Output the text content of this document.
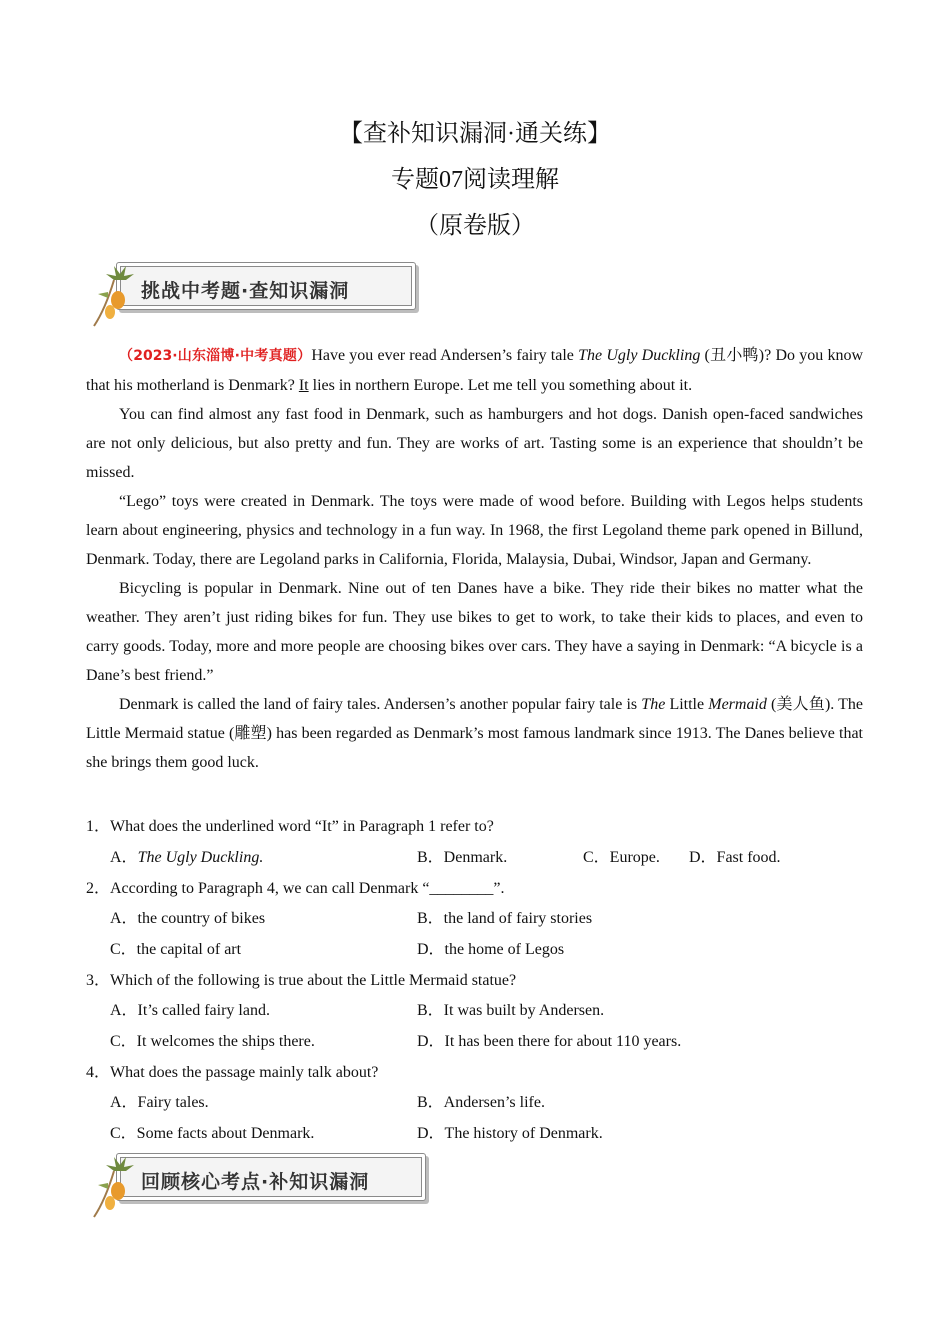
【查补知识漏洞·通关练】
专题07阅读理解
（原卷版）
挑战中考题·查知识漏洞

（2023·山东淄博·中考真题）Have you ever read Andersen’s fairy tale The Ugly Duckling (丑小鸭)? Do you know that his motherland is Denmark? It lies in northern Europe. Let me tell you something about it.

You can find almost any fast food in Denmark, such as hamburgers and hot dogs. Danish open-faced sandwiches are not only delicious, but also pretty and fun. They are works of art. Tasting some is an experience that shouldn’t be missed.

“Lego” toys were created in Denmark. The toys were made of wood before. Building with Legos helps students learn about engineering, physics and technology in a fun way. In 1968, the first Legoland theme park opened in Billund, Denmark. Today, there are Legoland parks in California, Florida, Malaysia, Dubai, Windsor, Japan and Germany.

Bicycling is popular in Denmark. Nine out of ten Danes have a bike. They ride their bikes no matter what the weather. They aren’t just riding bikes for fun. They use bikes to get to work, to take their kids to places, and even to carry goods. Today, more and more people are choosing bikes over cars. They have a saying in Denmark: “A bicycle is a Dane’s best friend.”

Denmark is called the land of fairy tales. Andersen’s another popular fairy tale is The Little Mermaid (美人鱼). The Little Mermaid statue (雕塑) has been regarded as Denmark’s most famous landmark since 1913. The Danes believe that she brings them good luck.

1．What does the underlined word “It” in Paragraph 1 refer to?
A．The Ugly Duckling.	B．Denmark.	C．Europe. D．Fast food.
2．According to Paragraph 4, we can call Denmark “________”.
A．the country of bikes	B．the land of fairy stories
C．the capital of art	D．the home of Legos
3．Which of the following is true about the Little Mermaid statue?
A．It’s called fairy land.	B．It was built by Andersen.
C．It welcomes the ships there.	D．It has been there for about 110 years.
4．What does the passage mainly talk about?
A．Fairy tales.	B．Andersen’s life.
C．Some facts about Denmark.	D．The history of Denmark.
回顾核心考点·补知识漏洞
